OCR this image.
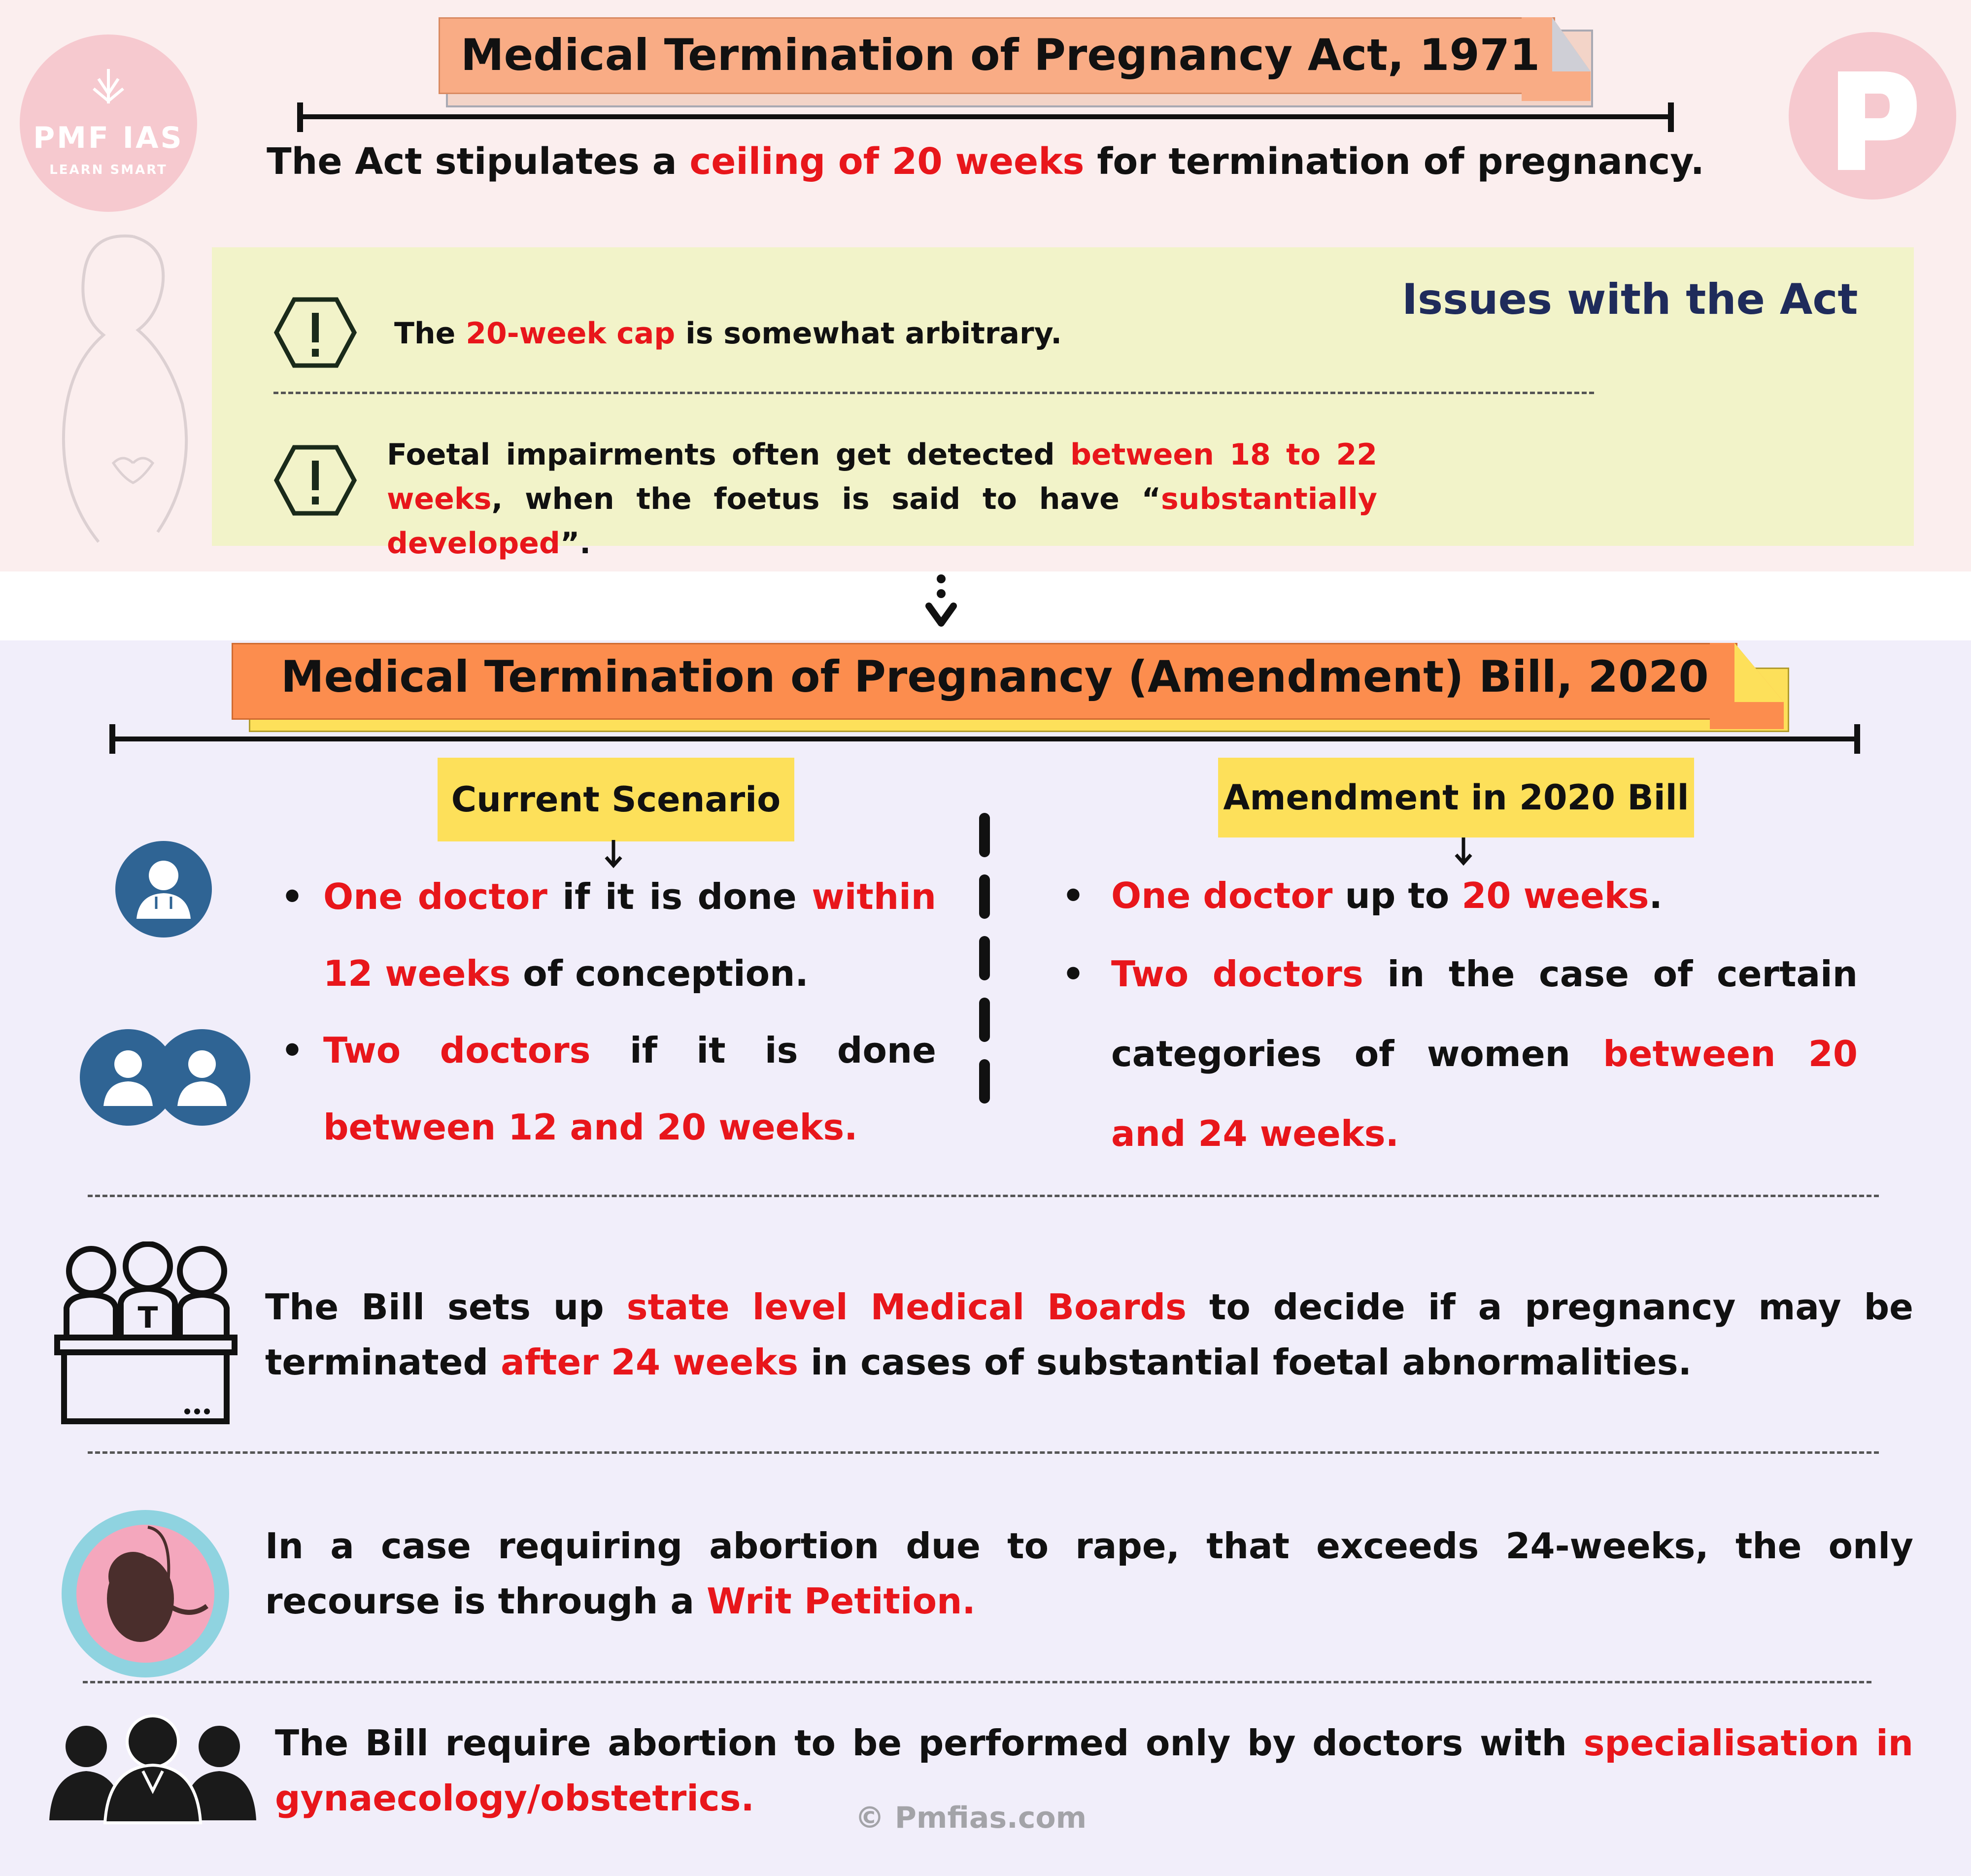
PMF IAS
LEARN SMART
Medical Termination of Pregnancy Act, 1971
The Act stipulates a ceiling of 20 weeks for termination of pregnancy.
Issues with the Act
The 20-week cap is somewhat arbitrary.
Foetal impairments often get detected between 18 to 22 weeks, when the foetus is said to have “substantially developed”.
Medical Termination of Pregnancy (Amendment) Bill, 2020
Current Scenario	Amendment in 2020 Bill
• One doctor if it is done within 12 weeks of conception.
• Two doctors if it is done between 12 and 20 weeks.
• One doctor up to 20 weeks.
• Two doctors in the case of certain categories of women between 20 and 24 weeks.
T	The Bill sets up state level Medical Boards to decide if a pregnancy may be terminated after 24 weeks in cases of substantial foetal abnormalities.
In a case requiring abortion due to rape, that exceeds 24-weeks, the only recourse is through a Writ Petition.
The Bill require abortion to be performed only by doctors with specialisation in gynaecology/obstetrics.	© Pmfias.com
